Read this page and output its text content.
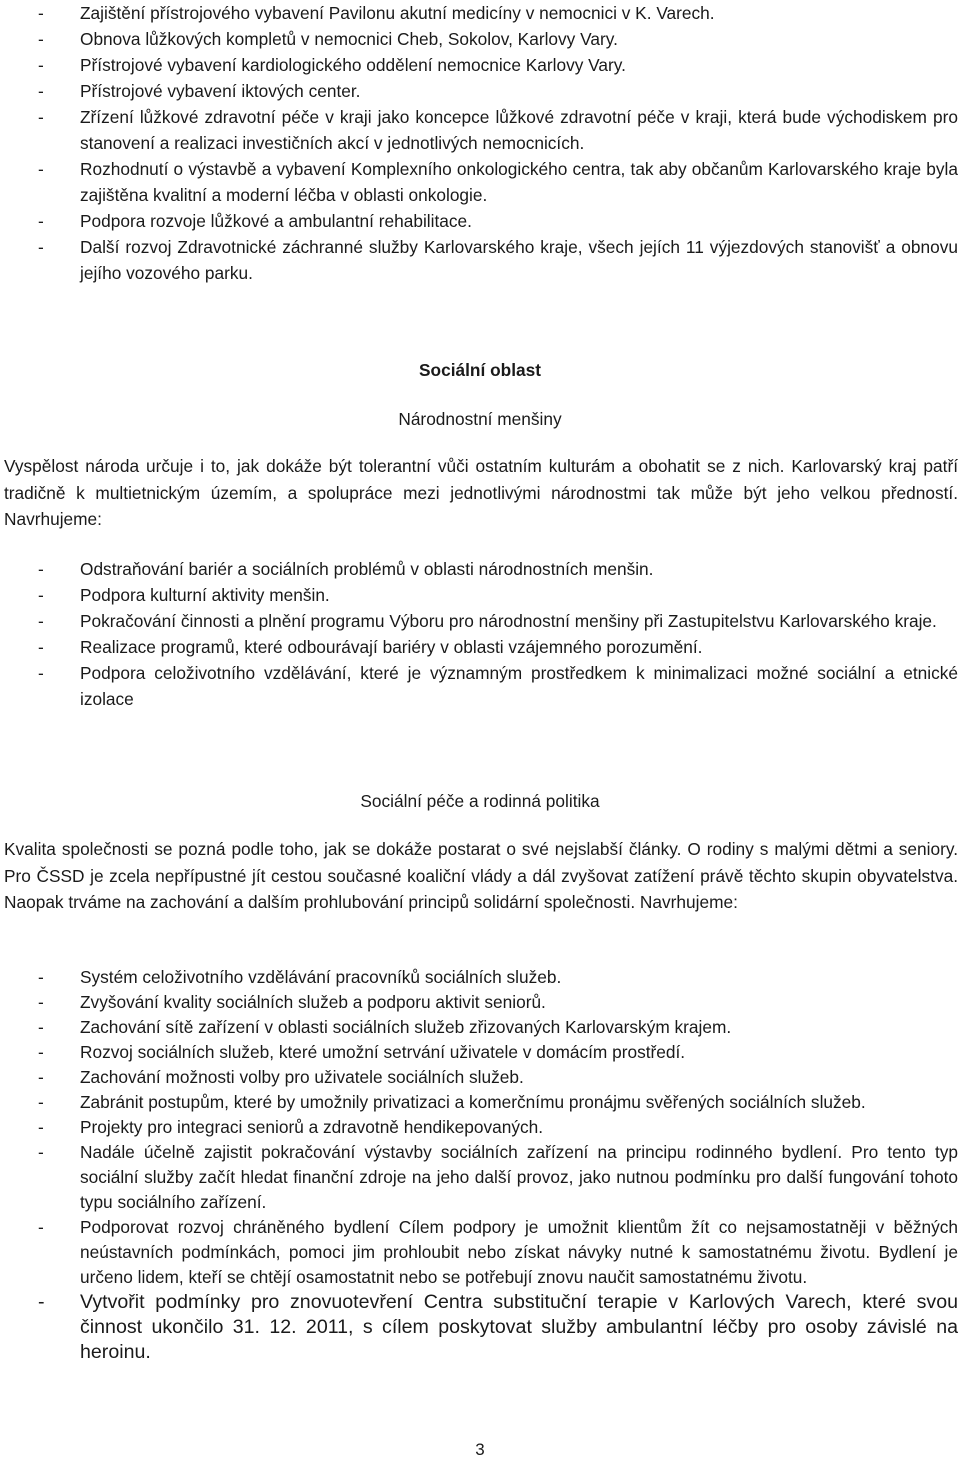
- Zajištění přístrojového vybavení Pavilonu akutní medicíny v nemocnici v K. Varech.
- Obnova lůžkových kompletů v nemocnici Cheb, Sokolov, Karlovy Vary.
- Přístrojové vybavení kardiologického oddělení nemocnice Karlovy Vary.
- Přístrojové vybavení iktových center.
- Zřízení lůžkové zdravotní péče v kraji jako koncepce lůžkové zdravotní péče v kraji, která bude východiskem pro stanovení a realizaci investičních akcí v jednotlivých nemocnicích.
- Rozhodnutí o výstavbě a vybavení Komplexního onkologického centra, tak aby občanům Karlovarského kraje byla zajištěna kvalitní a moderní léčba v oblasti onkologie.
- Podpora rozvoje lůžkové a ambulantní rehabilitace.
- Další rozvoj Zdravotnické záchranné služby Karlovarského kraje, všech jejích 11 výjezdových stanovišť a obnovu jejího vozového parku.
Sociální oblast
Národnostní menšiny

Vyspělost národa určuje i to, jak dokáže být tolerantní vůči ostatním kulturám a obohatit se z nich. Karlovarský kraj patří tradičně k multietnickým územím, a spolupráce mezi jednotlivými národnostmi tak může být jeho velkou předností. Navrhujeme:

- Odstraňování bariér a sociálních problémů v oblasti národnostních menšin.
- Podpora kulturní aktivity menšin.
- Pokračování činnosti a plnění programu Výboru pro národnostní menšiny při Zastupitelstvu Karlovarského kraje.
- Realizace programů, které odbourávají bariéry v oblasti vzájemného porozumění.
- Podpora celoživotního vzdělávání, které je významným prostředkem k minimalizaci možné sociální a etnické izolace
Sociální péče a rodinná politika

Kvalita společnosti se pozná podle toho, jak se dokáže postarat o své nejslabší články. O rodiny s malými dětmi a seniory. Pro ČSSD je zcela nepřípustné jít cestou současné koaliční vlády a dál zvyšovat zatížení právě těchto skupin obyvatelstva. Naopak trváme na zachování a dalším prohlubování principů solidární společnosti. Navrhujeme:

- Systém celoživotního vzdělávání pracovníků sociálních služeb.
- Zvyšování kvality sociálních služeb a podporu aktivit seniorů.
- Zachování sítě zařízení v oblasti sociálních služeb zřizovaných Karlovarským krajem.
- Rozvoj sociálních služeb, které umožní setrvání uživatele v domácím prostředí.
- Zachování možnosti volby pro uživatele sociálních služeb.
- Zabránit postupům, které by umožnily privatizaci a komerčnímu pronájmu svěřených sociálních služeb.
- Projekty pro integraci seniorů a zdravotně hendikepovaných.
- Nadále účelně zajistit pokračování výstavby sociálních zařízení na principu rodinného bydlení. Pro tento typ sociální služby začít hledat finanční zdroje na jeho další provoz, jako nutnou podmínku pro další fungování tohoto typu sociálního zařízení.
- Podporovat rozvoj chráněného bydlení Cílem podpory je umožnit klientům žít co nejsamostatněji v běžných neústavních podmínkách, pomoci jim prohloubit nebo získat návyky nutné k samostatnému životu. Bydlení je určeno lidem, kteří se chtějí osamostatnit nebo se potřebují znovu naučit samostatnému životu.
- Vytvořit podmínky pro znovuotevření Centra substituční terapie v Karlových Varech, které svou činnost ukončilo 31. 12. 2011, s cílem poskytovat služby ambulantní léčby pro osoby závislé na heroinu.
3
